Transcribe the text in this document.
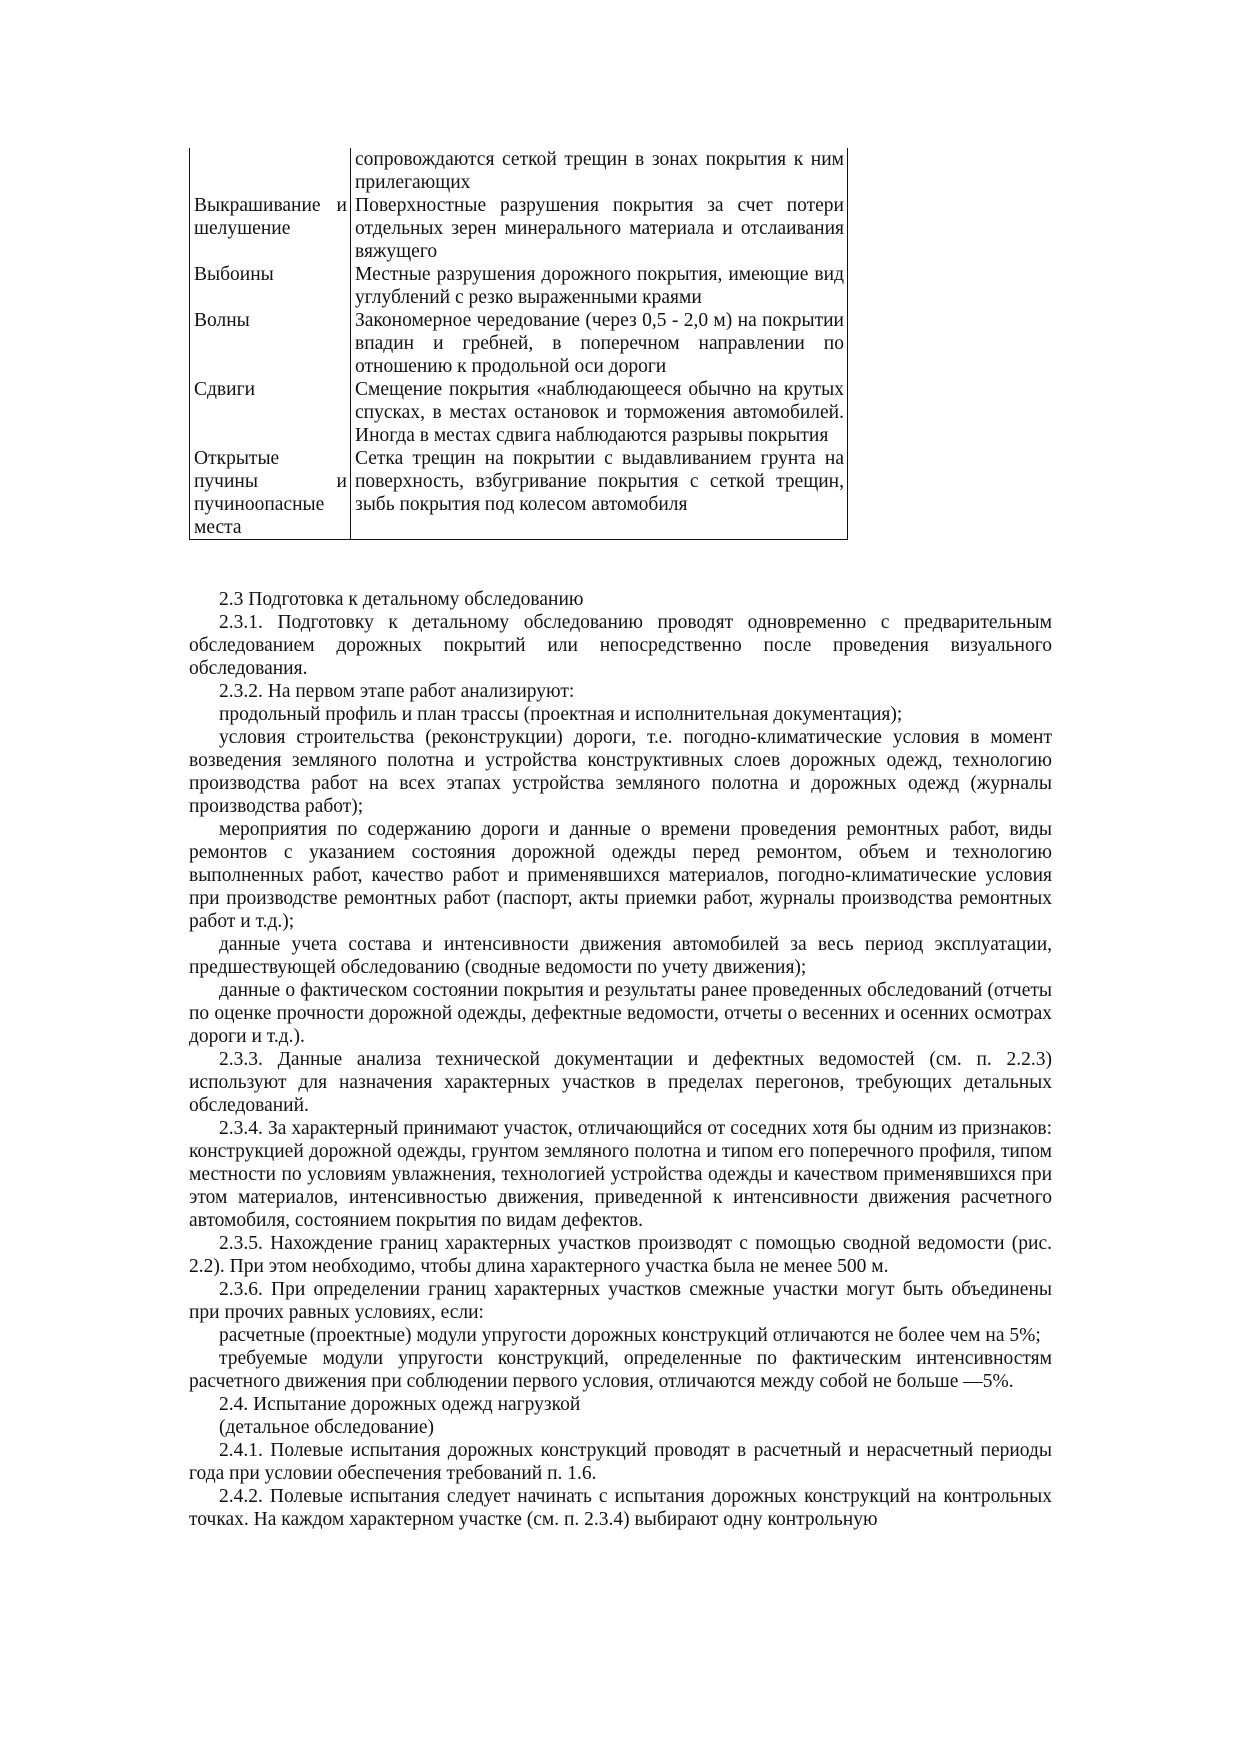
	сопровождаются сеткой трещин в зонах покрытия к ним прилегающих
Выкрашивание и шелушение	Поверхностные разрушения покрытия за счет потери отдельных зерен минерального материала и отслаивания вяжущего
Выбоины	Местные разрушения дорожного покрытия, имеющие вид углублений с резко выраженными краями
Волны	Закономерное чередование (через 0,5 - 2,0 м) на покрытии впадин и гребней, в поперечном направлении по отношению к продольной оси дороги
Сдвиги	Смещение покрытия «наблюдающееся обычно на крутых спусках, в местах остановок и торможения автомобилей. Иногда в местах сдвига наблюдаются разрывы покрытия
Открытые пучины и пучиноопасные места	Сетка трещин на покрытии с выдавливанием грунта на поверхность, взбугривание покрытия с сеткой трещин, зыбь покрытия под колесом автомобиля

2.3 Подготовка к детальному обследованию

2.3.1. Подготовку к детальному обследованию проводят одновременно с предварительным обследованием дорожных покрытий или непосредственно после проведения визуального обследования.

2.3.2. На первом этапе работ анализируют:

продольный профиль и план трассы (проектная и исполнительная документация);

условия строительства (реконструкции) дороги, т.е. погодно-климатические условия в момент возведения земляного полотна и устройства конструктивных слоев дорожных одежд, технологию производства работ на всех этапах устройства земляного полотна и дорожных одежд (журналы производства работ);

мероприятия по содержанию дороги и данные о времени проведения ремонтных работ, виды ремонтов с указанием состояния дорожной одежды перед ремонтом, объем и технологию выполненных работ, качество работ и применявшихся материалов, погодно-климатические условия при производстве ремонтных работ (паспорт, акты приемки работ, журналы производства ремонтных работ и т.д.);

данные учета состава и интенсивности движения автомобилей за весь период эксплуатации, предшествующей обследованию (сводные ведомости по учету движения);

данные о фактическом состоянии покрытия и результаты ранее проведенных обследований (отчеты по оценке прочности дорожной одежды, дефектные ведомости, отчеты о весенних и осенних осмотрах дороги и т.д.).

2.3.3. Данные анализа технической документации и дефектных ведомостей (см. п. 2.2.3) используют для назначения характерных участков в пределах перегонов, требующих детальных обследований.

2.3.4. За характерный принимают участок, отличающийся от соседних хотя бы одним из признаков: конструкцией дорожной одежды, грунтом земляного полотна и типом его поперечного профиля, типом местности по условиям увлажнения, технологией устройства одежды и качеством применявшихся при этом материалов, интенсивностью движения, приведенной к интенсивности движения расчетного автомобиля, состоянием покрытия по видам дефектов.

2.3.5. Нахождение границ характерных участков производят с помощью сводной ведомости (рис. 2.2). При этом необходимо, чтобы длина характерного участка была не менее 500 м.

2.3.6. При определении границ характерных участков смежные участки могут быть объединены при прочих равных условиях, если:

расчетные (проектные) модули упругости дорожных конструкций отличаются не более чем на 5%;

требуемые модули упругости конструкций, определенные по фактическим интенсивностям расчетного движения при соблюдении первого условия, отличаются между собой не больше —5%.

2.4. Испытание дорожных одежд нагрузкой

(детальное обследование)

2.4.1. Полевые испытания дорожных конструкций проводят в расчетный и нерасчетный периоды года при условии обеспечения требований п. 1.6.

2.4.2. Полевые испытания следует начинать с испытания дорожных конструкций на контрольных точках. На каждом характерном участке (см. п. 2.3.4) выбирают одну контрольную
